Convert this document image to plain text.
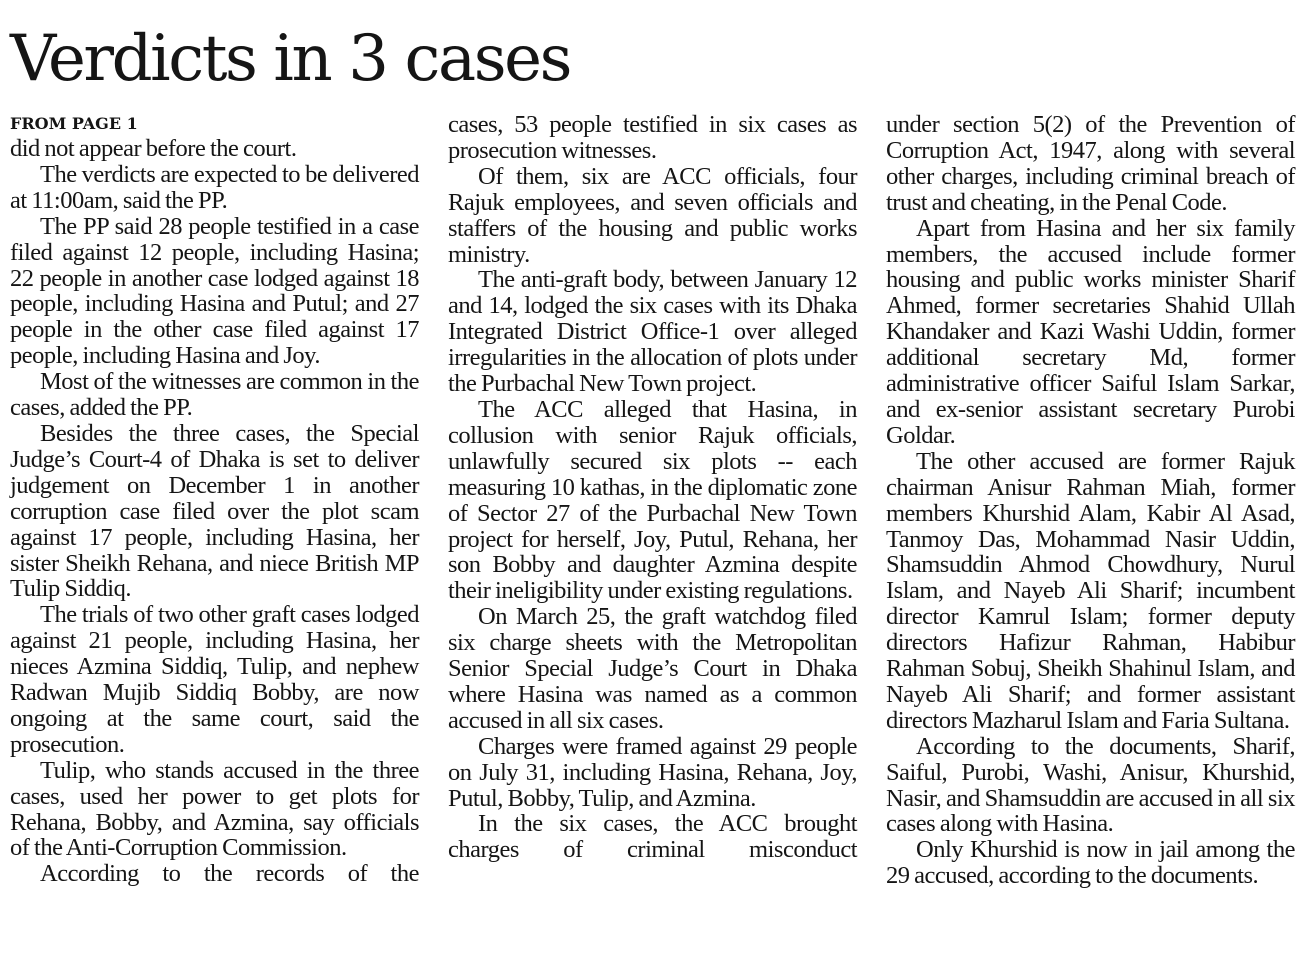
Verdicts in 3 cases
FROM PAGE 1

did not appear before the court.

The verdicts are expected to be delivered at 11:00am, said the PP.

The PP said 28 people testified in a case filed against 12 people, including Hasina; 22 people in another case lodged against 18 people, including Hasina and Putul; and 27 people in the other case filed against 17 people, including Hasina and Joy.

Most of the witnesses are common in the cases, added the PP.

Besides the three cases, the Special Judge’s Court-4 of Dhaka is set to deliver judgement on December 1 in another corruption case filed over the plot scam against 17 people, including Hasina, her sister Sheikh Rehana, and niece British MP Tulip Siddiq.

The trials of two other graft cases lodged against 21 people, including Hasina, her nieces Azmina Siddiq, Tulip, and nephew Radwan Mujib Siddiq Bobby, are now ongoing at the same court, said the prosecution.

Tulip, who stands accused in the three cases, used her power to get plots for Rehana, Bobby, and Azmina, say officials of the Anti-Corruption Commission.

According to the records of the

cases, 53 people testified in six cases as prosecution witnesses.

Of them, six are ACC officials, four Rajuk employees, and seven officials and staffers of the housing and public works ministry.

The anti-graft body, between January 12 and 14, lodged the six cases with its Dhaka Integrated District Office-1 over alleged irregularities in the allocation of plots under the Purbachal New Town project.

The ACC alleged that Hasina, in collusion with senior Rajuk officials, unlawfully secured six plots -- each measuring 10 kathas, in the diplomatic zone of Sector 27 of the Purbachal New Town project for herself, Joy, Putul, Rehana, her son Bobby and daughter Azmina despite their ineligibility under existing regulations.

On March 25, the graft watchdog filed six charge sheets with the Metropolitan Senior Special Judge’s Court in Dhaka where Hasina was named as a common accused in all six cases.

Charges were framed against 29 people on July 31, including Hasina, Rehana, Joy, Putul, Bobby, Tulip, and Azmina.

In the six cases, the ACC brought charges of criminal misconduct

under section 5(2) of the Prevention of Corruption Act, 1947, along with several other charges, including criminal breach of trust and cheating, in the Penal Code.

Apart from Hasina and her six family members, the accused include former housing and public works minister Sharif Ahmed, former secretaries Shahid Ullah Khandaker and Kazi Washi Uddin, former additional secretary Md, former administrative officer Saiful Islam Sarkar, and ex-senior assistant secretary Purobi Goldar.

The other accused are former Rajuk chairman Anisur Rahman Miah, former members Khurshid Alam, Kabir Al Asad, Tanmoy Das, Mohammad Nasir Uddin, Shamsuddin Ahmod Chowdhury, Nurul Islam, and Nayeb Ali Sharif; incumbent director Kamrul Islam; former deputy directors Hafizur Rahman, Habibur Rahman Sobuj, Sheikh Shahinul Islam, and Nayeb Ali Sharif; and former assistant directors Mazharul Islam and Faria Sultana.

According to the documents, Sharif, Saiful, Purobi, Washi, Anisur, Khurshid, Nasir, and Shamsuddin are accused in all six cases along with Hasina.

Only Khurshid is now in jail among the 29 accused, according to the documents.
